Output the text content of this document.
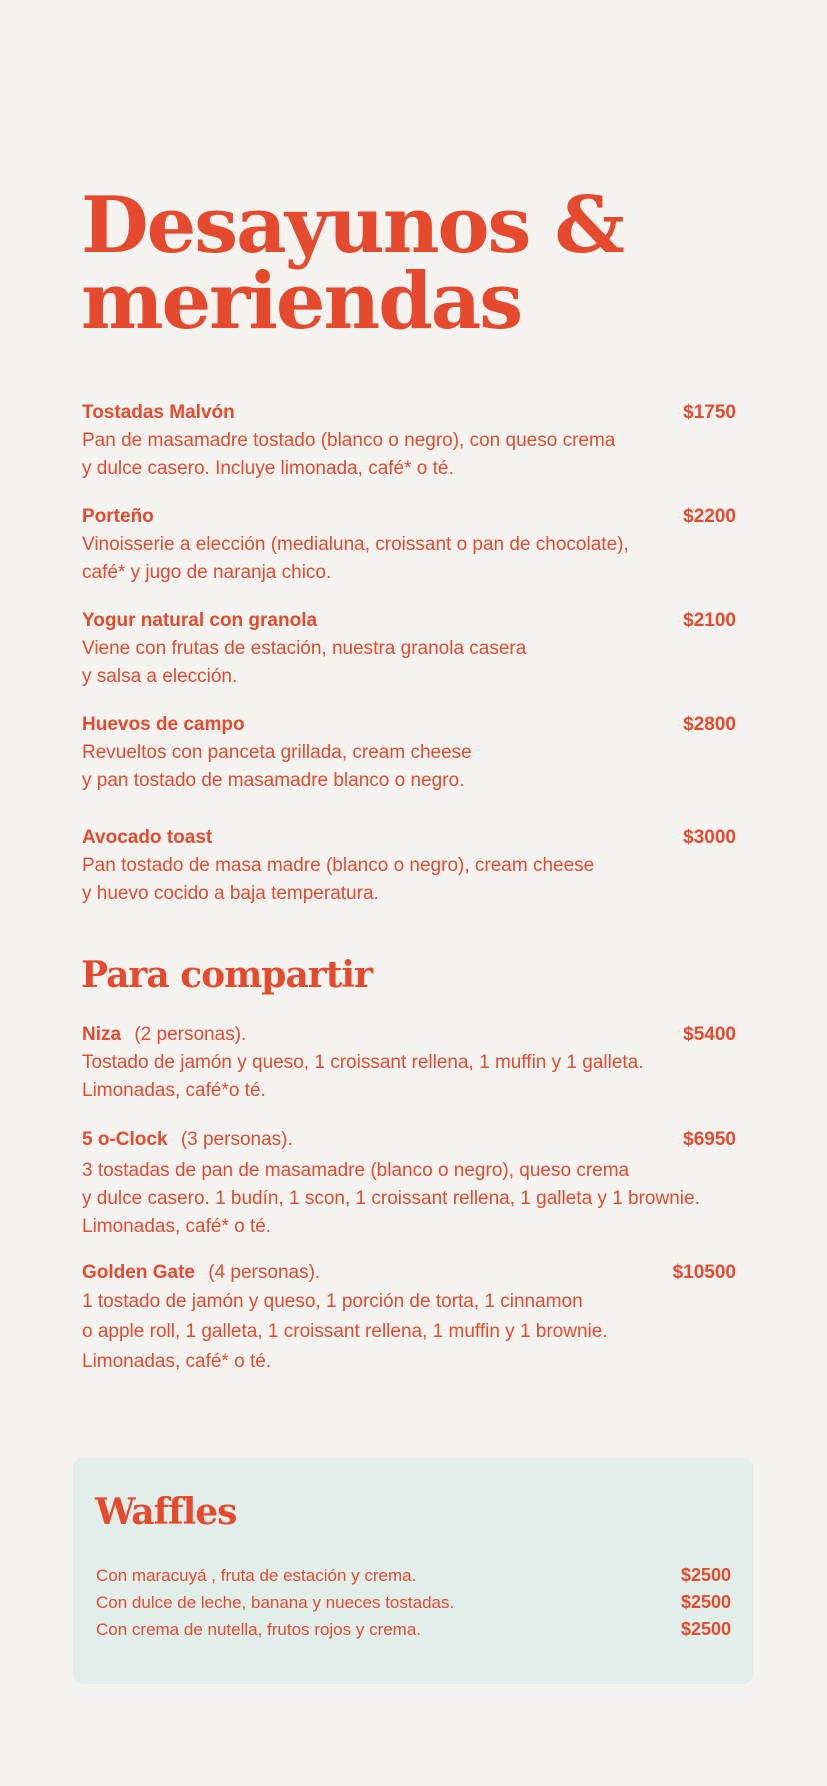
Desayunos &
meriendas
Tostadas Malvón	$1750

Pan de masamadre tostado (blanco o negro), con queso crema
y dulce casero. Incluye limonada, café* o té.

Porteño	$2200

Vinoisserie a elección (medialuna, croissant o pan de chocolate),
café* y jugo de naranja chico.

Yogur natural con granola	$2100

Viene con frutas de estación, nuestra granola casera
y salsa a elección.

Huevos de campo	$2800

Revueltos con panceta grillada, cream cheese
y pan tostado de masamadre blanco o negro.

Avocado toast	$3000

Pan tostado de masa madre (blanco o negro), cream cheese
y huevo cocido a baja temperatura.

Para compartir
Niza (2 personas).	$5400

Tostado de jamón y queso, 1 croissant rellena, 1 muffin y 1 galleta.
Limonadas, café*o té.

5 o-Clock (3 personas).	$6950

3 tostadas de pan de masamadre (blanco o negro), queso crema
y dulce casero. 1 budín, 1 scon, 1 croissant rellena, 1 galleta y 1 brownie.
Limonadas, café* o té.

Golden Gate (4 personas).	$10500

1 tostado de jamón y queso, 1 porción de torta, 1 cinnamon
o apple roll, 1 galleta, 1 croissant rellena, 1 muffin y 1 brownie.
Limonadas, café* o té.

Waffles
Con maracuyá , fruta de estación y crema.	$2500
Con dulce de leche, banana y nueces tostadas.	$2500
Con crema de nutella, frutos rojos y crema.	$2500
